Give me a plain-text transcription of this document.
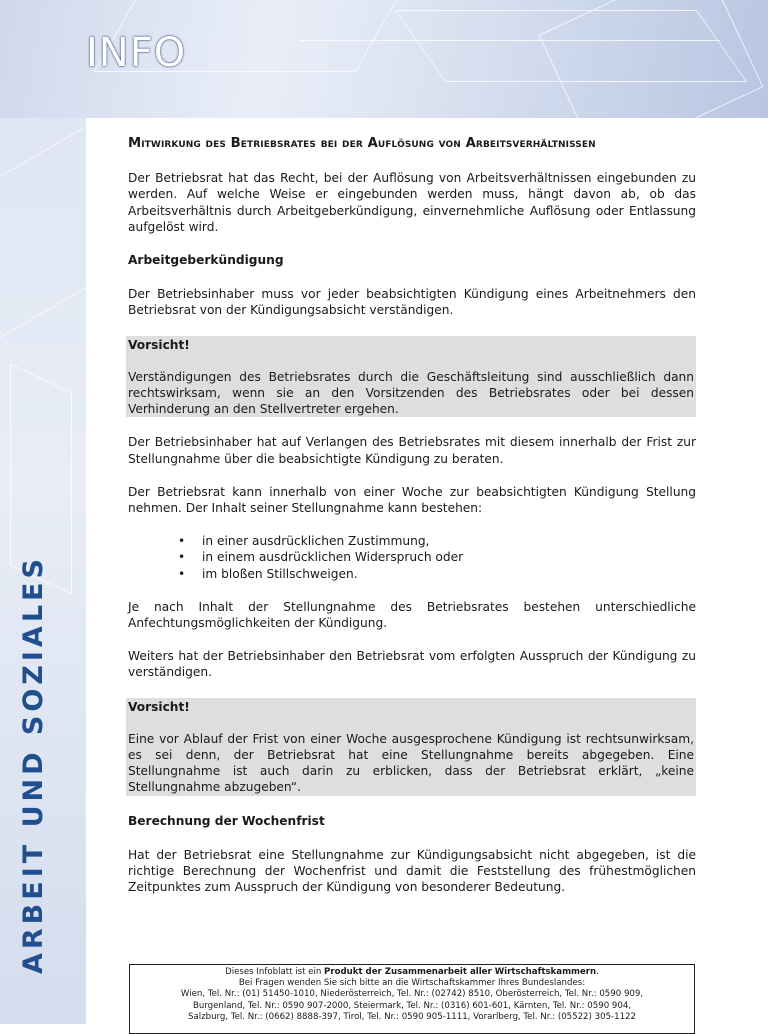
INFO
ARBEIT UND SOZIALES
Mitwirkung des Betriebsrates bei der Auflösung von Arbeitsverhältnissen

Der Betriebsrat hat das Recht, bei der Auflösung von Arbeitsverhältnissen eingebunden zu werden. Auf welche Weise er eingebunden werden muss, hängt davon ab, ob das Arbeitsverhältnis durch Arbeitgeberkündigung, einvernehmliche Auflösung oder Entlassung aufgelöst wird.

Arbeitgeberkündigung

Der Betriebsinhaber muss vor jeder beabsichtigten Kündigung eines Arbeitnehmers den Betriebsrat von der Kündigungsabsicht verständigen.

Vorsicht!

Verständigungen des Betriebsrates durch die Geschäftsleitung sind ausschließlich dann rechtswirksam, wenn sie an den Vorsitzenden des Betriebsrates oder bei dessen Verhinderung an den Stellvertreter ergehen.

Der Betriebsinhaber hat auf Verlangen des Betriebsrates mit diesem innerhalb der Frist zur Stellungnahme über die beabsichtigte Kündigung zu beraten.

Der Betriebsrat kann innerhalb von einer Woche zur beabsichtigten Kündigung Stellung nehmen. Der Inhalt seiner Stellungnahme kann bestehen:

• in einer ausdrücklichen Zustimmung,
• in einem ausdrücklichen Widerspruch oder
• im bloßen Stillschweigen.

Je nach Inhalt der Stellungnahme des Betriebsrates bestehen unterschiedliche Anfechtungsmöglichkeiten der Kündigung.

Weiters hat der Betriebsinhaber den Betriebsrat vom erfolgten Ausspruch der Kündigung zu verständigen.

Vorsicht!

Eine vor Ablauf der Frist von einer Woche ausgesprochene Kündigung ist rechtsunwirksam, es sei denn, der Betriebsrat hat eine Stellungnahme bereits abgegeben. Eine Stellungnahme ist auch darin zu erblicken, dass der Betriebsrat erklärt, „keine Stellungnahme abzugeben“.

Berechnung der Wochenfrist

Hat der Betriebsrat eine Stellungnahme zur Kündigungsabsicht nicht abgegeben, ist die richtige Berechnung der Wochenfrist und damit die Feststellung des frühestmöglichen Zeitpunktes zum Ausspruch der Kündigung von besonderer Bedeutung.

Dieses Infoblatt ist ein Produkt der Zusammenarbeit aller Wirtschaftskammern.
Bei Fragen wenden Sie sich bitte an die Wirtschaftskammer Ihres Bundeslandes:
Wien, Tel. Nr.: (01) 51450-1010, Niederösterreich, Tel. Nr.: (02742) 8510, Oberösterreich, Tel. Nr.: 0590 909,
Burgenland, Tel. Nr.: 0590 907-2000, Steiermark, Tel. Nr.: (0316) 601-601, Kärnten, Tel. Nr.: 0590 904,
Salzburg, Tel. Nr.: (0662) 8888-397, Tirol, Tel. Nr.: 0590 905-1111, Vorarlberg, Tel. Nr.: (05522) 305-1122
